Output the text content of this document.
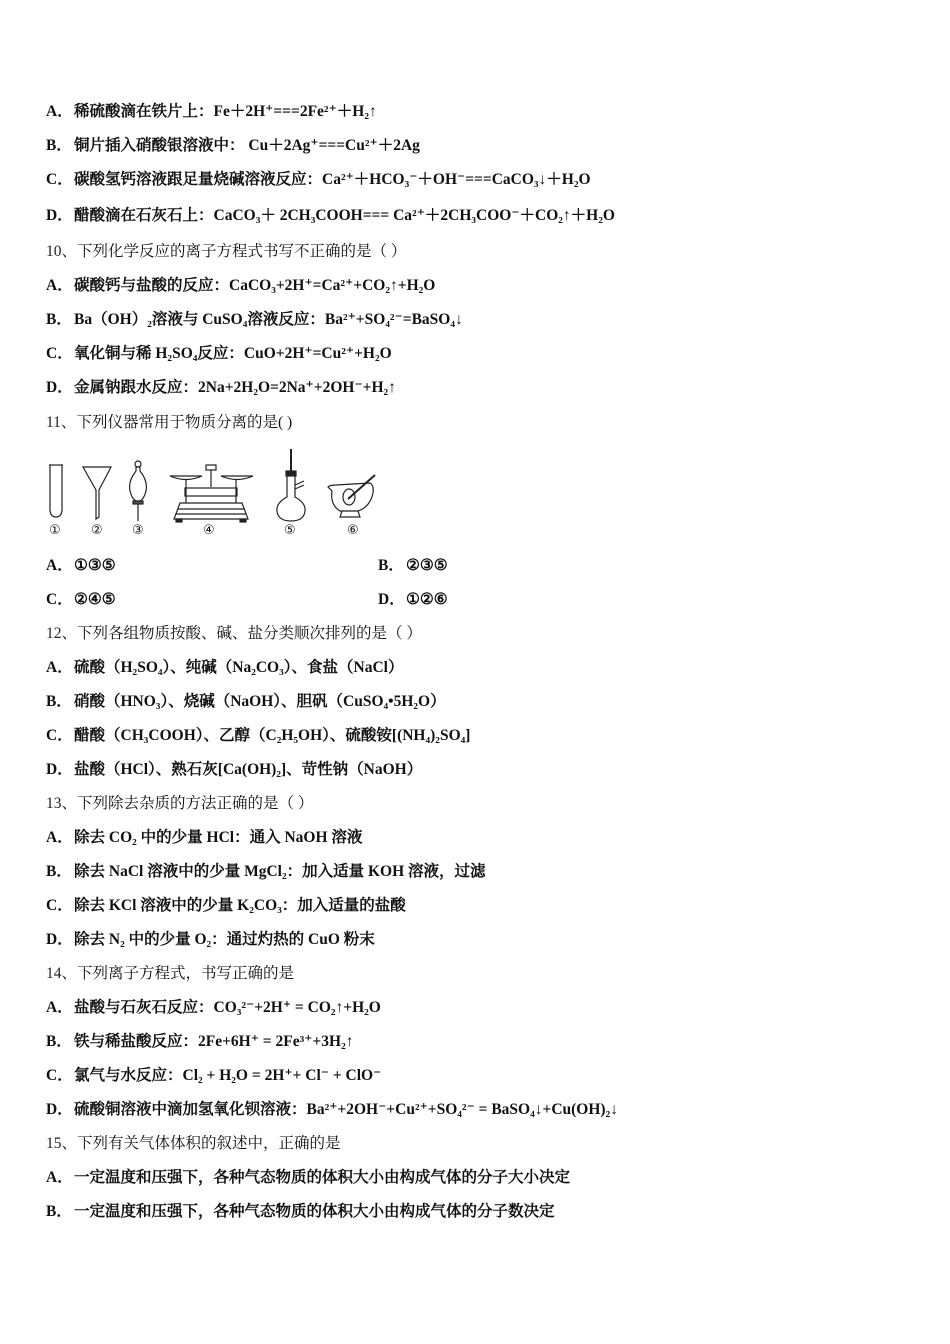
A．稀硫酸滴在铁片上：Fe＋2H⁺===2Fe²⁺＋H₂↑
B． 铜片插入硝酸银溶液中： Cu＋2Ag⁺===Cu²⁺＋2Ag
C．碳酸氢钙溶液跟足量烧碱溶液反应：Ca²⁺＋HCO₃⁻＋OH⁻===CaCO₃↓＋H₂O
D．醋酸滴在石灰石上：CaCO₃＋ 2CH₃COOH=== Ca²⁺＋2CH₃COO⁻＋CO₂↑＋H₂O
10、下列化学反应的离子方程式书写不正确的是（ ）
A．碳酸钙与盐酸的反应：CaCO₃+2H⁺=Ca²⁺+CO₂↑+H₂O
B． Ba（OH）₂溶液与 CuSO₄溶液反应：Ba²⁺+SO₄²⁻=BaSO₄↓
C．氧化铜与稀 H₂SO₄反应：CuO+2H⁺=Cu²⁺+H₂O
D．金属钠跟水反应：2Na+2H₂O=2Na⁺+2OH⁻+H₂↑
11、下列仪器常用于物质分离的是( )
① ② ③	④	⑤	⑥
A．①③⑤	B． ②③⑤
C．②④⑤	D．①②⑥
12、下列各组物质按酸、碱、盐分类顺次排列的是（ ）
A．硫酸（H₂SO₄）、纯碱（Na₂CO₃）、食盐（NaCl）
B． 硝酸（HNO₃）、烧碱（NaOH）、胆矾（CuSO₄•5H₂O）
C．醋酸（CH₃COOH）、乙醇（C₂H₅OH）、硫酸铵[(NH₄)₂SO₄]
D．盐酸（HCl）、熟石灰[Ca(OH)₂]、苛性钠（NaOH）
13、下列除去杂质的方法正确的是（ ）
A．除去 CO₂ 中的少量 HCl：通入 NaOH 溶液
B． 除去 NaCl 溶液中的少量 MgCl₂：加入适量 KOH 溶液，过滤
C．除去 KCl 溶液中的少量 K₂CO₃：加入适量的盐酸
D．除去 N₂ 中的少量 O₂：通过灼热的 CuO 粉末
14、下列离子方程式，书写正确的是
A．盐酸与石灰石反应：CO₃²⁻+2H⁺ = CO₂↑+H₂O
B． 铁与稀盐酸反应：2Fe+6H⁺ = 2Fe³⁺+3H₂↑
C．氯气与水反应：Cl₂ + H₂O = 2H⁺+ Cl⁻ + ClO⁻
D．硫酸铜溶液中滴加氢氧化钡溶液：Ba²⁺+2OH⁻+Cu²⁺+SO₄²⁻ = BaSO₄↓+Cu(OH)₂↓
15、下列有关气体体积的叙述中，正确的是
A．一定温度和压强下，各种气态物质的体积大小由构成气体的分子大小决定
B． 一定温度和压强下，各种气态物质的体积大小由构成气体的分子数决定
